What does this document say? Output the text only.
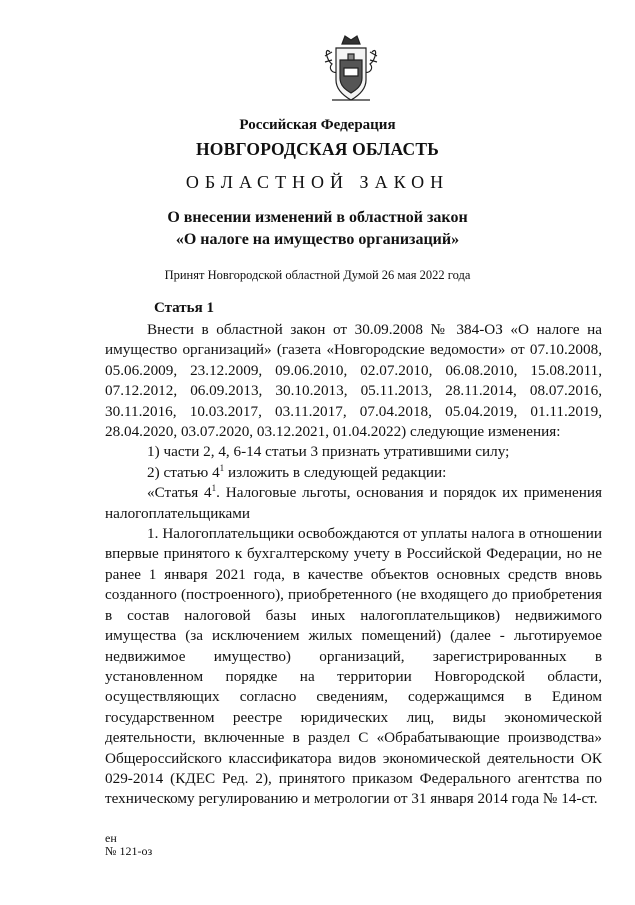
Российская Федерация
НОВГОРОДСКАЯ ОБЛАСТЬ
ОБЛАСТНОЙ ЗАКОН
О внесении изменений в областной закон
«О налоге на имущество организаций»
Принят Новгородской областной Думой 26 мая 2022 года
Статья 1

Внести в областной закон от 30.09.2008 № 384-ОЗ «О налоге на имущество организаций» (газета «Новгородские ведомости» от 07.10.2008, 05.06.2009, 23.12.2009, 09.06.2010, 02.07.2010, 06.08.2010, 15.08.2011, 07.12.2012, 06.09.2013, 30.10.2013, 05.11.2013, 28.11.2014, 08.07.2016, 30.11.2016, 10.03.2017, 03.11.2017, 07.04.2018, 05.04.2019, 01.11.2019, 28.04.2020, 03.07.2020, 03.12.2021, 01.04.2022) следующие изменения:

1) части 2, 4, 6-14 статьи 3 признать утратившими силу;

2) статью $4^1$ изложить в следующей редакции:

«Статья $4^1$. Налоговые льготы, основания и порядок их применения налогоплательщиками

1. Налогоплательщики освобождаются от уплаты налога в отношении впервые принятого к бухгалтерскому учету в Российской Федерации, но не ранее 1 января 2021 года, в качестве объектов основных средств вновь созданного (построенного), приобретенного (не входящего до приобретения в состав налоговой базы иных налогоплательщиков) недвижимого имущества (за исключением жилых помещений) (далее - льготируемое недвижимое имущество) организаций, зарегистрированных в установленном порядке на территории Новгородской области, осуществляющих согласно сведениям, содержащимся в Едином государственном реестре юридических лиц, виды экономической деятельности, включенные в раздел С «Обрабатывающие производства» Общероссийского классификатора видов экономической деятельности ОК 029-2014 (КДЕС Ред. 2), принятого приказом Федерального агентства по техническому регулированию и метрологии от 31 января 2014 года № 14-ст.

ен
№ 121-оз
